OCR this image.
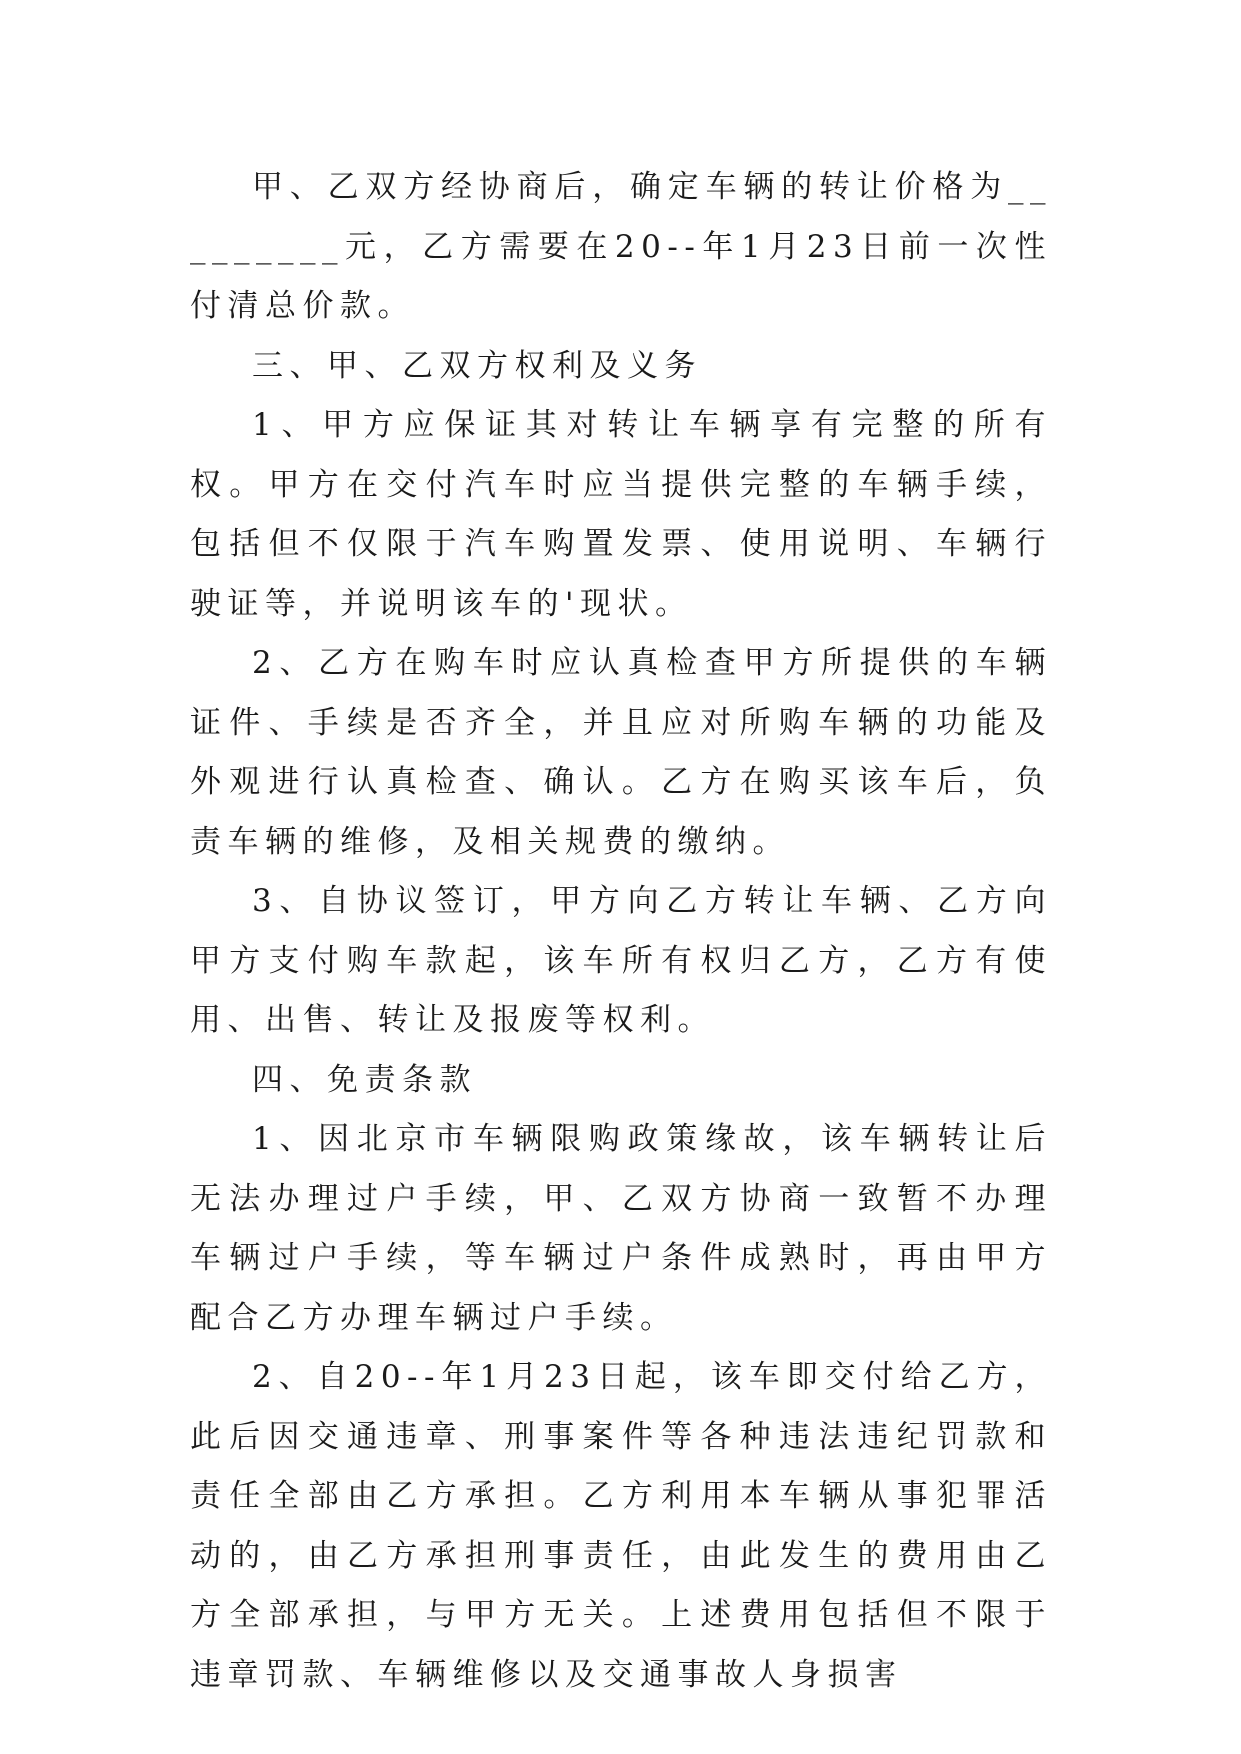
甲、乙双方经协商后，确定车辆的转让价格为_________元，乙方需要在20--年1月23日前一次性付清总价款。

三、甲、乙双方权利及义务

1、甲方应保证其对转让车辆享有完整的所有权。甲方在交付汽车时应当提供完整的车辆手续，包括但不仅限于汽车购置发票、使用说明、车辆行驶证等，并说明该车的'现状。

2、乙方在购车时应认真检查甲方所提供的车辆证件、手续是否齐全，并且应对所购车辆的功能及外观进行认真检查、确认。乙方在购买该车后，负责车辆的维修，及相关规费的缴纳。

3、自协议签订，甲方向乙方转让车辆、乙方向甲方支付购车款起，该车所有权归乙方，乙方有使用、出售、转让及报废等权利。

四、免责条款

1、因北京市车辆限购政策缘故，该车辆转让后无法办理过户手续，甲、乙双方协商一致暂不办理车辆过户手续，等车辆过户条件成熟时，再由甲方配合乙方办理车辆过户手续。

2、自20--年1月23日起，该车即交付给乙方，此后因交通违章、刑事案件等各种违法违纪罚款和责任全部由乙方承担。乙方利用本车辆从事犯罪活动的，由乙方承担刑事责任，由此发生的费用由乙方全部承担，与甲方无关。上述费用包括但不限于违章罚款、车辆维修以及交通事故人身损害
